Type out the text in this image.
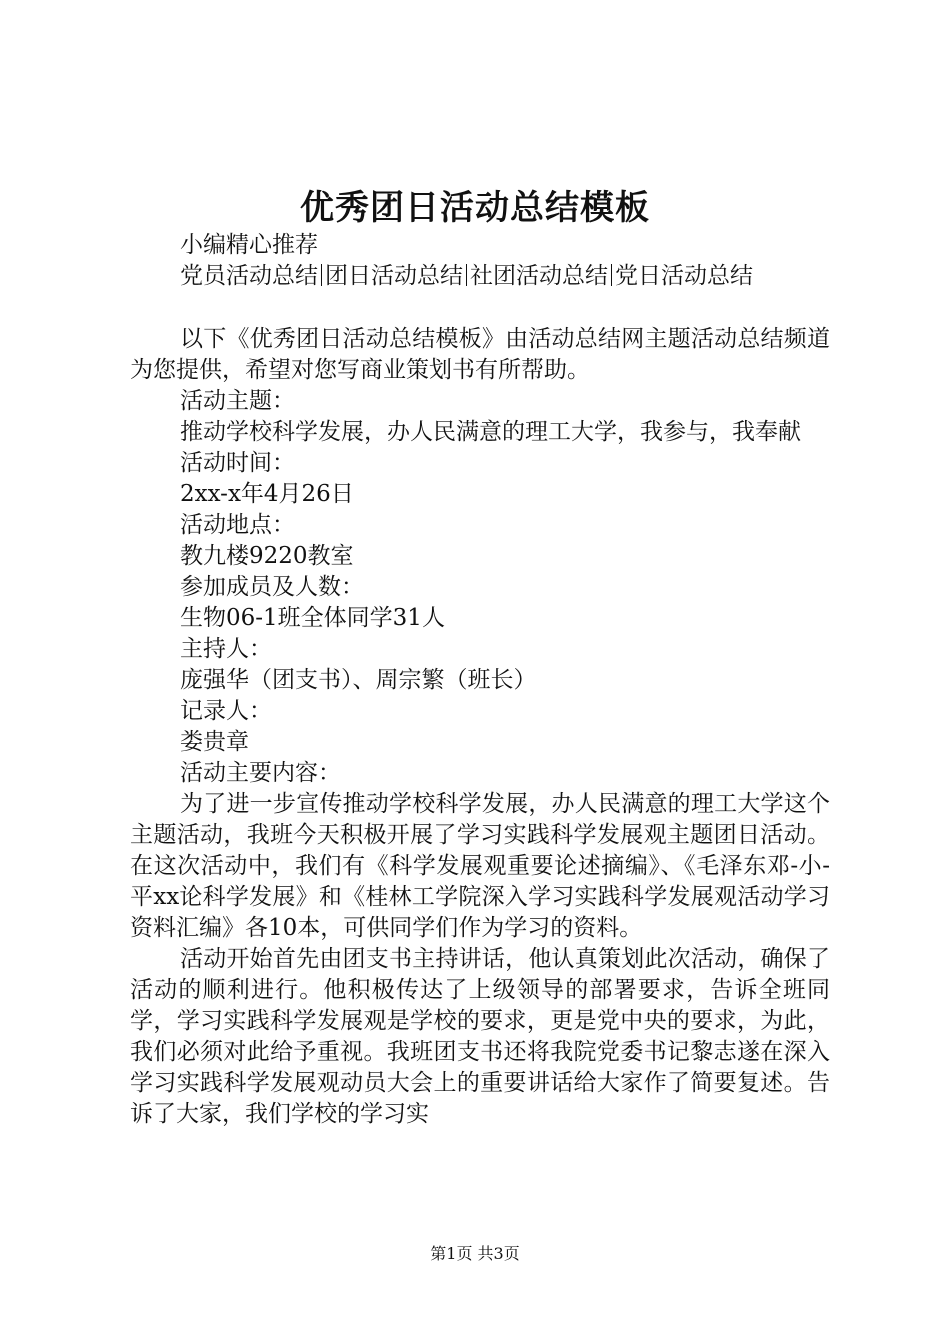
优秀团日活动总结模板
小编精心推荐
党员活动总结 团日活动总结 社团活动总结 党日活动总结
以下《优秀团日活动总结模板》由活动总结网主题活动总结频道为您提供，希望对您写商业策划书有所帮助。
活动主题：
推动学校科学发展，办人民满意的理工大学，我参与，我奉献
活动时间：
2xx-x年4月26日
活动地点：
教九楼9220教室
参加成员及人数：
生物06-1班全体同学31人
主持人：
庞强华（团支书）、周宗繁（班长）
记录人：
娄贵章
活动主要内容：
为了进一步宣传推动学校科学发展，办人民满意的理工大学这个主题活动，我班今天积极开展了学习实践科学发展观主题团日活动。在这次活动中，我们有《科学发展观重要论述摘编》、《毛泽东邓-小-平xx论科学发展》和《桂林工学院深入学习实践科学发展观活动学习资料汇编》各10本，可供同学们作为学习的资料。
活动开始首先由团支书主持讲话，他认真策划此次活动，确保了活动的顺利进行。他积极传达了上级领导的部署要求，告诉全班同学，学习实践科学发展观是学校的要求，更是党中央的要求，为此，我们必须对此给予重视。我班团支书还将我院党委书记黎志遂在深入学习实践科学发展观动员大会上的重要讲话给大家作了简要复述。告诉了大家，我们学校的学习实
第1页 共3页
